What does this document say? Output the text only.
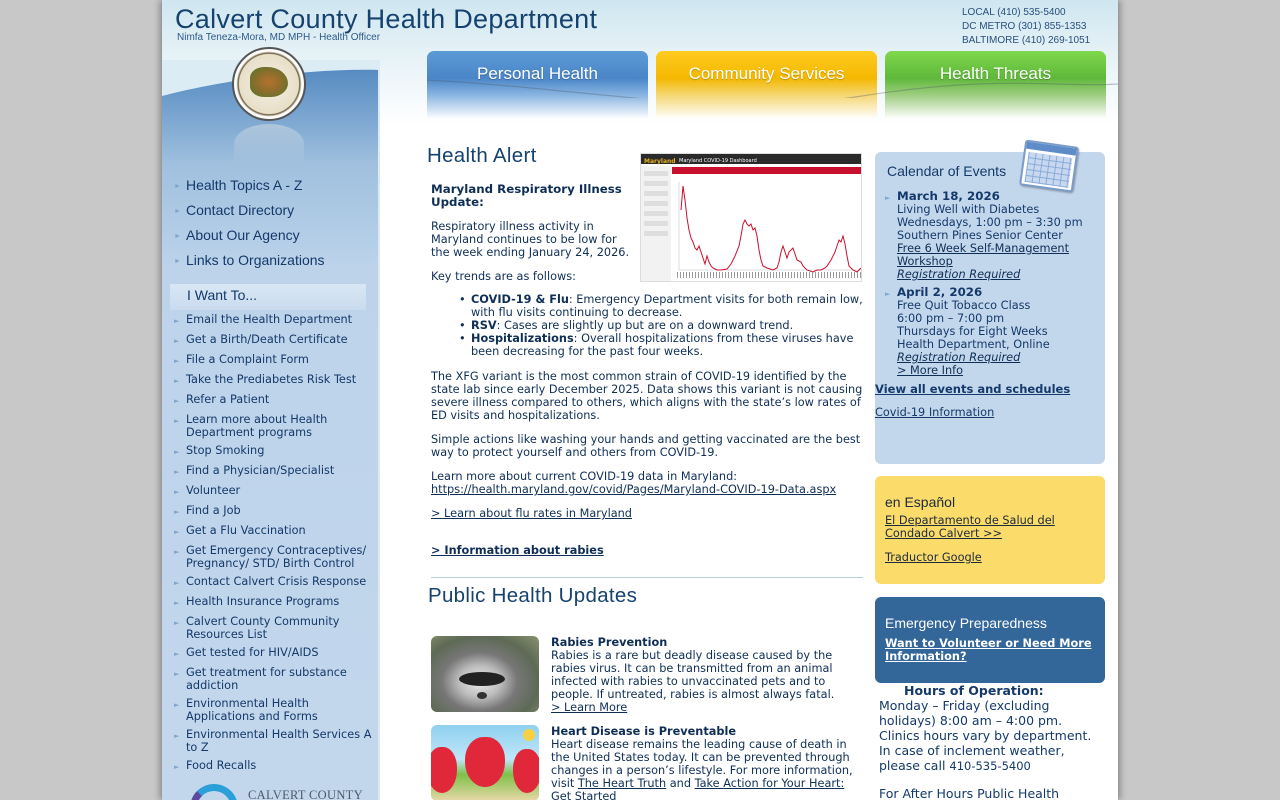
Calvert County Health Department
Nimfa Teneza-Mora, MD MPH - Health Officer
LOCAL (410) 535-5400
DC METRO (301) 855-1353
BALTIMORE (410) 269-1051
Personal Health	Community Services	Health Threats
► Health Topics A - Z
► Contact Directory
► About Our Agency
► Links to Organizations
I Want To...
► Email the Health Department
► Get a Birth/Death Certificate
► File a Complaint Form
► Take the Prediabetes Risk Test
► Refer a Patient
► Learn more about Health Department programs
► Stop Smoking
► Find a Physician/Specialist
► Volunteer
► Find a Job
► Get a Flu Vaccination
► Get Emergency Contraceptives/ Pregnancy/ STD/ Birth Control
► Contact Calvert Crisis Response
► Health Insurance Programs
► Calvert County Community Resources List
► Get tested for HIV/AIDS
► Get treatment for substance addiction
► Environmental Health Applications and Forms
► Environmental Health Services A to Z
► Food Recalls
CALVERT COUNTY
Health Alert	Maryland Maryland COVID-19 Dashboard
Maryland Respiratory Illness Update:
Respiratory illness activity in Maryland continues to be low for the week ending January 24, 2026.
Key trends are as follows:
• COVID-19 & Flu: Emergency Department visits for both remain low, with flu visits continuing to decrease.
• RSV: Cases are slightly up but are on a downward trend.
• Hospitalizations: Overall hospitalizations from these viruses have been decreasing for the past four weeks.
The XFG variant is the most common strain of COVID-19 identified by the state lab since early December 2025. Data shows this variant is not causing severe illness compared to others, which aligns with the state’s low rates of ED visits and hospitalizations.
Simple actions like washing your hands and getting vaccinated are the best way to protect yourself and others from COVID-19.
Learn more about current COVID-19 data in Maryland:
https://health.maryland.gov/covid/Pages/Maryland-COVID-19-Data.aspx
> Learn about flu rates in Maryland
> Information about rabies
Public Health Updates
Rabies Prevention
Rabies is a rare but deadly disease caused by the rabies virus. It can be transmitted from an animal infected with rabies to unvaccinated pets and to people. If untreated, rabies is almost always fatal.
> Learn More
Heart Disease is Preventable
Heart disease remains the leading cause of death in the United States today. It can be prevented through changes in a person’s lifestyle. For more information, visit The Heart Truth and Take Action for Your Heart: Get Started
Calendar of Events
► March 18, 2026
Living Well with Diabetes
Wednesdays, 1:00 pm – 3:30 pm
Southern Pines Senior Center
Free 6 Week Self-Management Workshop
Registration Required
► April 2, 2026
Free Quit Tobacco Class
6:00 pm – 7:00 pm
Thursdays for Eight Weeks
Health Department, Online
Registration Required
> More Info
View all events and schedules
Covid-19 Information
en Español
El Departamento de Salud del Condado Calvert >>
Traductor Google
Emergency Preparedness
Want to Volunteer or Need More Information?
Hours of Operation:
Monday – Friday (excluding holidays) 8:00 am – 4:00 pm. Clinics hours vary by department. In case of inclement weather, please call 410-535-5400
For After Hours Public Health
